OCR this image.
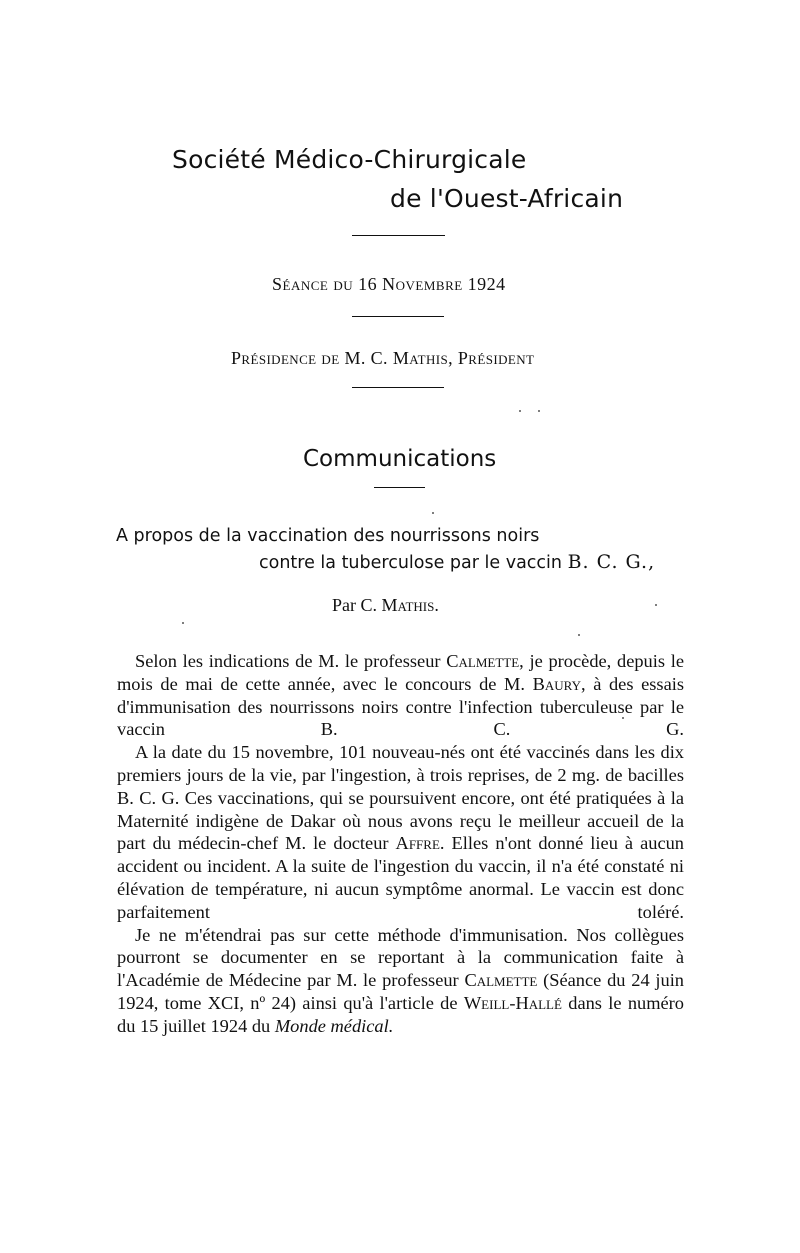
Société Médico-Chirurgicale
de l'Ouest-Africain
Séance du 16 Novembre 1924
Présidence de M. C. Mathis, Président
Communications
A propos de la vaccination des nourrissons noirs
contre la tuberculose par le vaccin B. C. G.,
Par C. Mathis.

Selon les indications de M. le professeur Calmette, je procède, depuis le mois de mai de cette année, avec le concours de M. Baury, à des essais d'immunisation des nourrissons noirs contre l'infection tuberculeuse par le vaccin B. C. G.

A la date du 15 novembre, 101 nouveau-nés ont été vaccinés dans les dix premiers jours de la vie, par l'ingestion, à trois reprises, de 2 mg. de bacilles B. C. G. Ces vaccinations, qui se poursuivent encore, ont été pratiquées à la Maternité indigène de Dakar où nous avons reçu le meilleur accueil de la part du médecin-chef M. le docteur Affre. Elles n'ont donné lieu à aucun accident ou incident. A la suite de l'ingestion du vaccin, il n'a été constaté ni élévation de température, ni aucun symptôme anormal. Le vaccin est donc parfaitement toléré.

Je ne m'étendrai pas sur cette méthode d'immunisation. Nos collègues pourront se documenter en se reportant à la communication faite à l'Académie de Médecine par M. le professeur Calmette (Séance du 24 juin 1924, tome XCI, nº 24) ainsi qu'à l'article de Weill-Hallé dans le numéro du 15 juillet 1924 du Monde médical.
